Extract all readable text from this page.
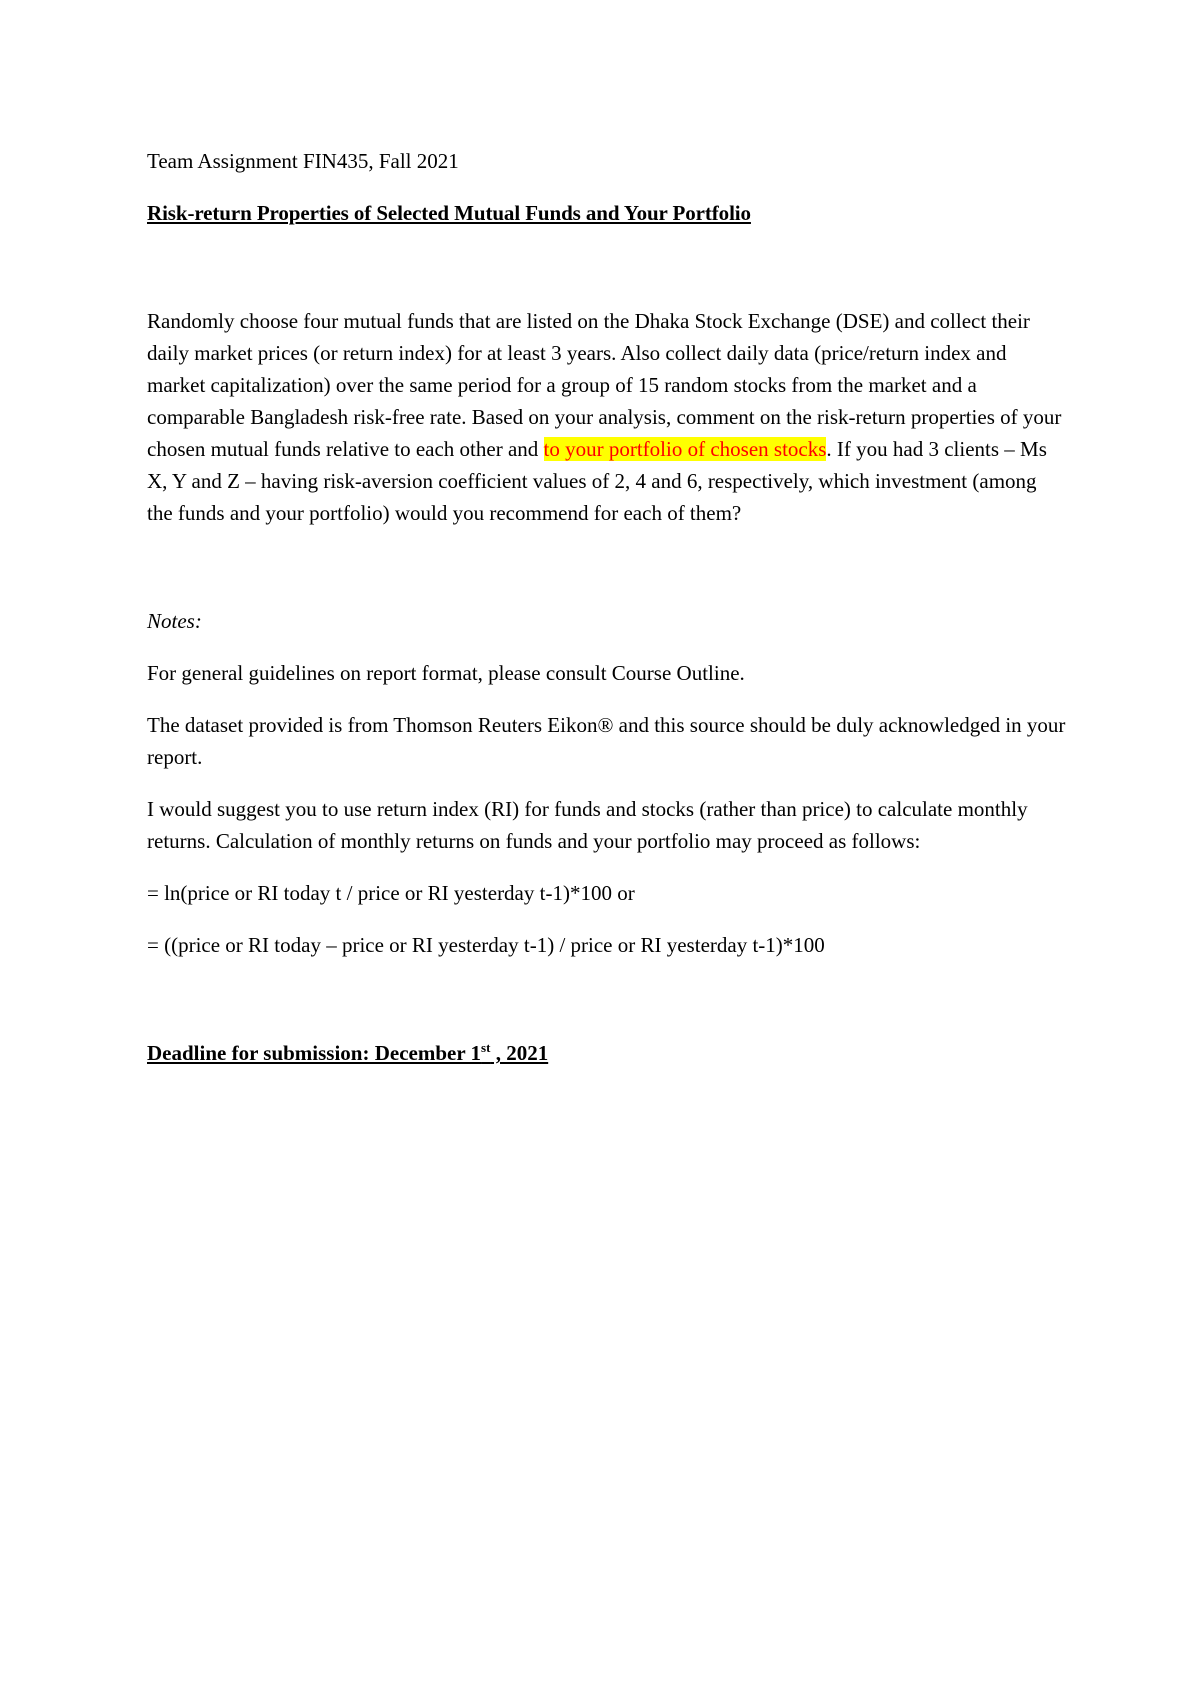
Team Assignment FIN435, Fall 2021

Risk-return Properties of Selected Mutual Funds and Your Portfolio

Randomly choose four mutual funds that are listed on the Dhaka Stock Exchange (DSE) and collect their daily market prices (or return index) for at least 3 years. Also collect daily data (price/return index and market capitalization) over the same period for a group of 15 random stocks from the market and a comparable Bangladesh risk-free rate. Based on your analysis, comment on the risk-return properties of your chosen mutual funds relative to each other and to your portfolio of chosen stocks. If you had 3 clients – Ms X, Y and Z – having risk-aversion coefficient values of 2, 4 and 6, respectively, which investment (among the funds and your portfolio) would you recommend for each of them?

Notes:

For general guidelines on report format, please consult Course Outline.

The dataset provided is from Thomson Reuters Eikon® and this source should be duly acknowledged in your report.

I would suggest you to use return index (RI) for funds and stocks (rather than price) to calculate monthly returns. Calculation of monthly returns on funds and your portfolio may proceed as follows:

= ln(price or RI today t / price or RI yesterday t-1)*100 or

= ((price or RI today – price or RI yesterday t-1) / price or RI yesterday t-1)*100

Deadline for submission: December 1st , 2021
